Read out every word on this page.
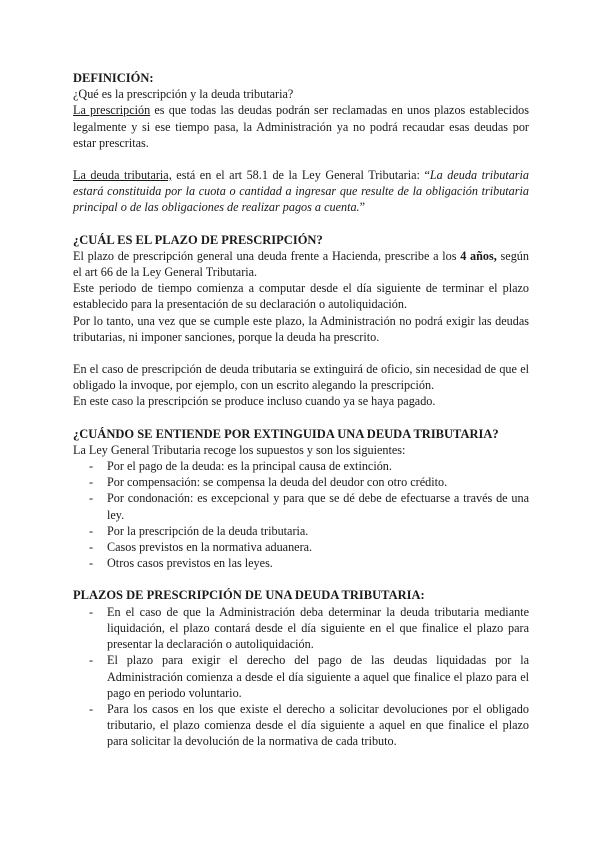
DEFINICIÓN:

¿Qué es la prescripción y la deuda tributaria?

La prescripción es que todas las deudas podrán ser reclamadas en unos plazos establecidos legalmente y si ese tiempo pasa, la Administración ya no podrá recaudar esas deudas por estar prescritas.

La deuda tributaria, está en el art 58.1 de la Ley General Tributaria: “La deuda tributaria estará constituida por la cuota o cantidad a ingresar que resulte de la obligación tributaria principal o de las obligaciones de realizar pagos a cuenta.”

¿CUÁL ES EL PLAZO DE PRESCRIPCIÓN?

El plazo de prescripción general una deuda frente a Hacienda, prescribe a los 4 años, según el art 66 de la Ley General Tributaria.

Este periodo de tiempo comienza a computar desde el día siguiente de terminar el plazo establecido para la presentación de su declaración o autoliquidación.

Por lo tanto, una vez que se cumple este plazo, la Administración no podrá exigir las deudas tributarias, ni imponer sanciones, porque la deuda ha prescrito.

En el caso de prescripción de deuda tributaria se extinguirá de oficio, sin necesidad de que el obligado la invoque, por ejemplo, con un escrito alegando la prescripción.

En este caso la prescripción se produce incluso cuando ya se haya pagado.

¿CUÁNDO SE ENTIENDE POR EXTINGUIDA UNA DEUDA TRIBUTARIA?

La Ley General Tributaria recoge los supuestos y son los siguientes:

- Por el pago de la deuda: es la principal causa de extinción.
- Por compensación: se compensa la deuda del deudor con otro crédito.
- Por condonación: es excepcional y para que se dé debe de efectuarse a través de una ley.
- Por la prescripción de la deuda tributaria.
- Casos previstos en la normativa aduanera.
- Otros casos previstos en las leyes.
PLAZOS DE PRESCRIPCIÓN DE UNA DEUDA TRIBUTARIA:
- En el caso de que la Administración deba determinar la deuda tributaria mediante liquidación, el plazo contará desde el día siguiente en el que finalice el plazo para presentar la declaración o autoliquidación.
- El plazo para exigir el derecho del pago de las deudas liquidadas por la Administración comienza a desde el día siguiente a aquel que finalice el plazo para el pago en periodo voluntario.
- Para los casos en los que existe el derecho a solicitar devoluciones por el obligado tributario, el plazo comienza desde el día siguiente a aquel en que finalice el plazo para solicitar la devolución de la normativa de cada tributo.
